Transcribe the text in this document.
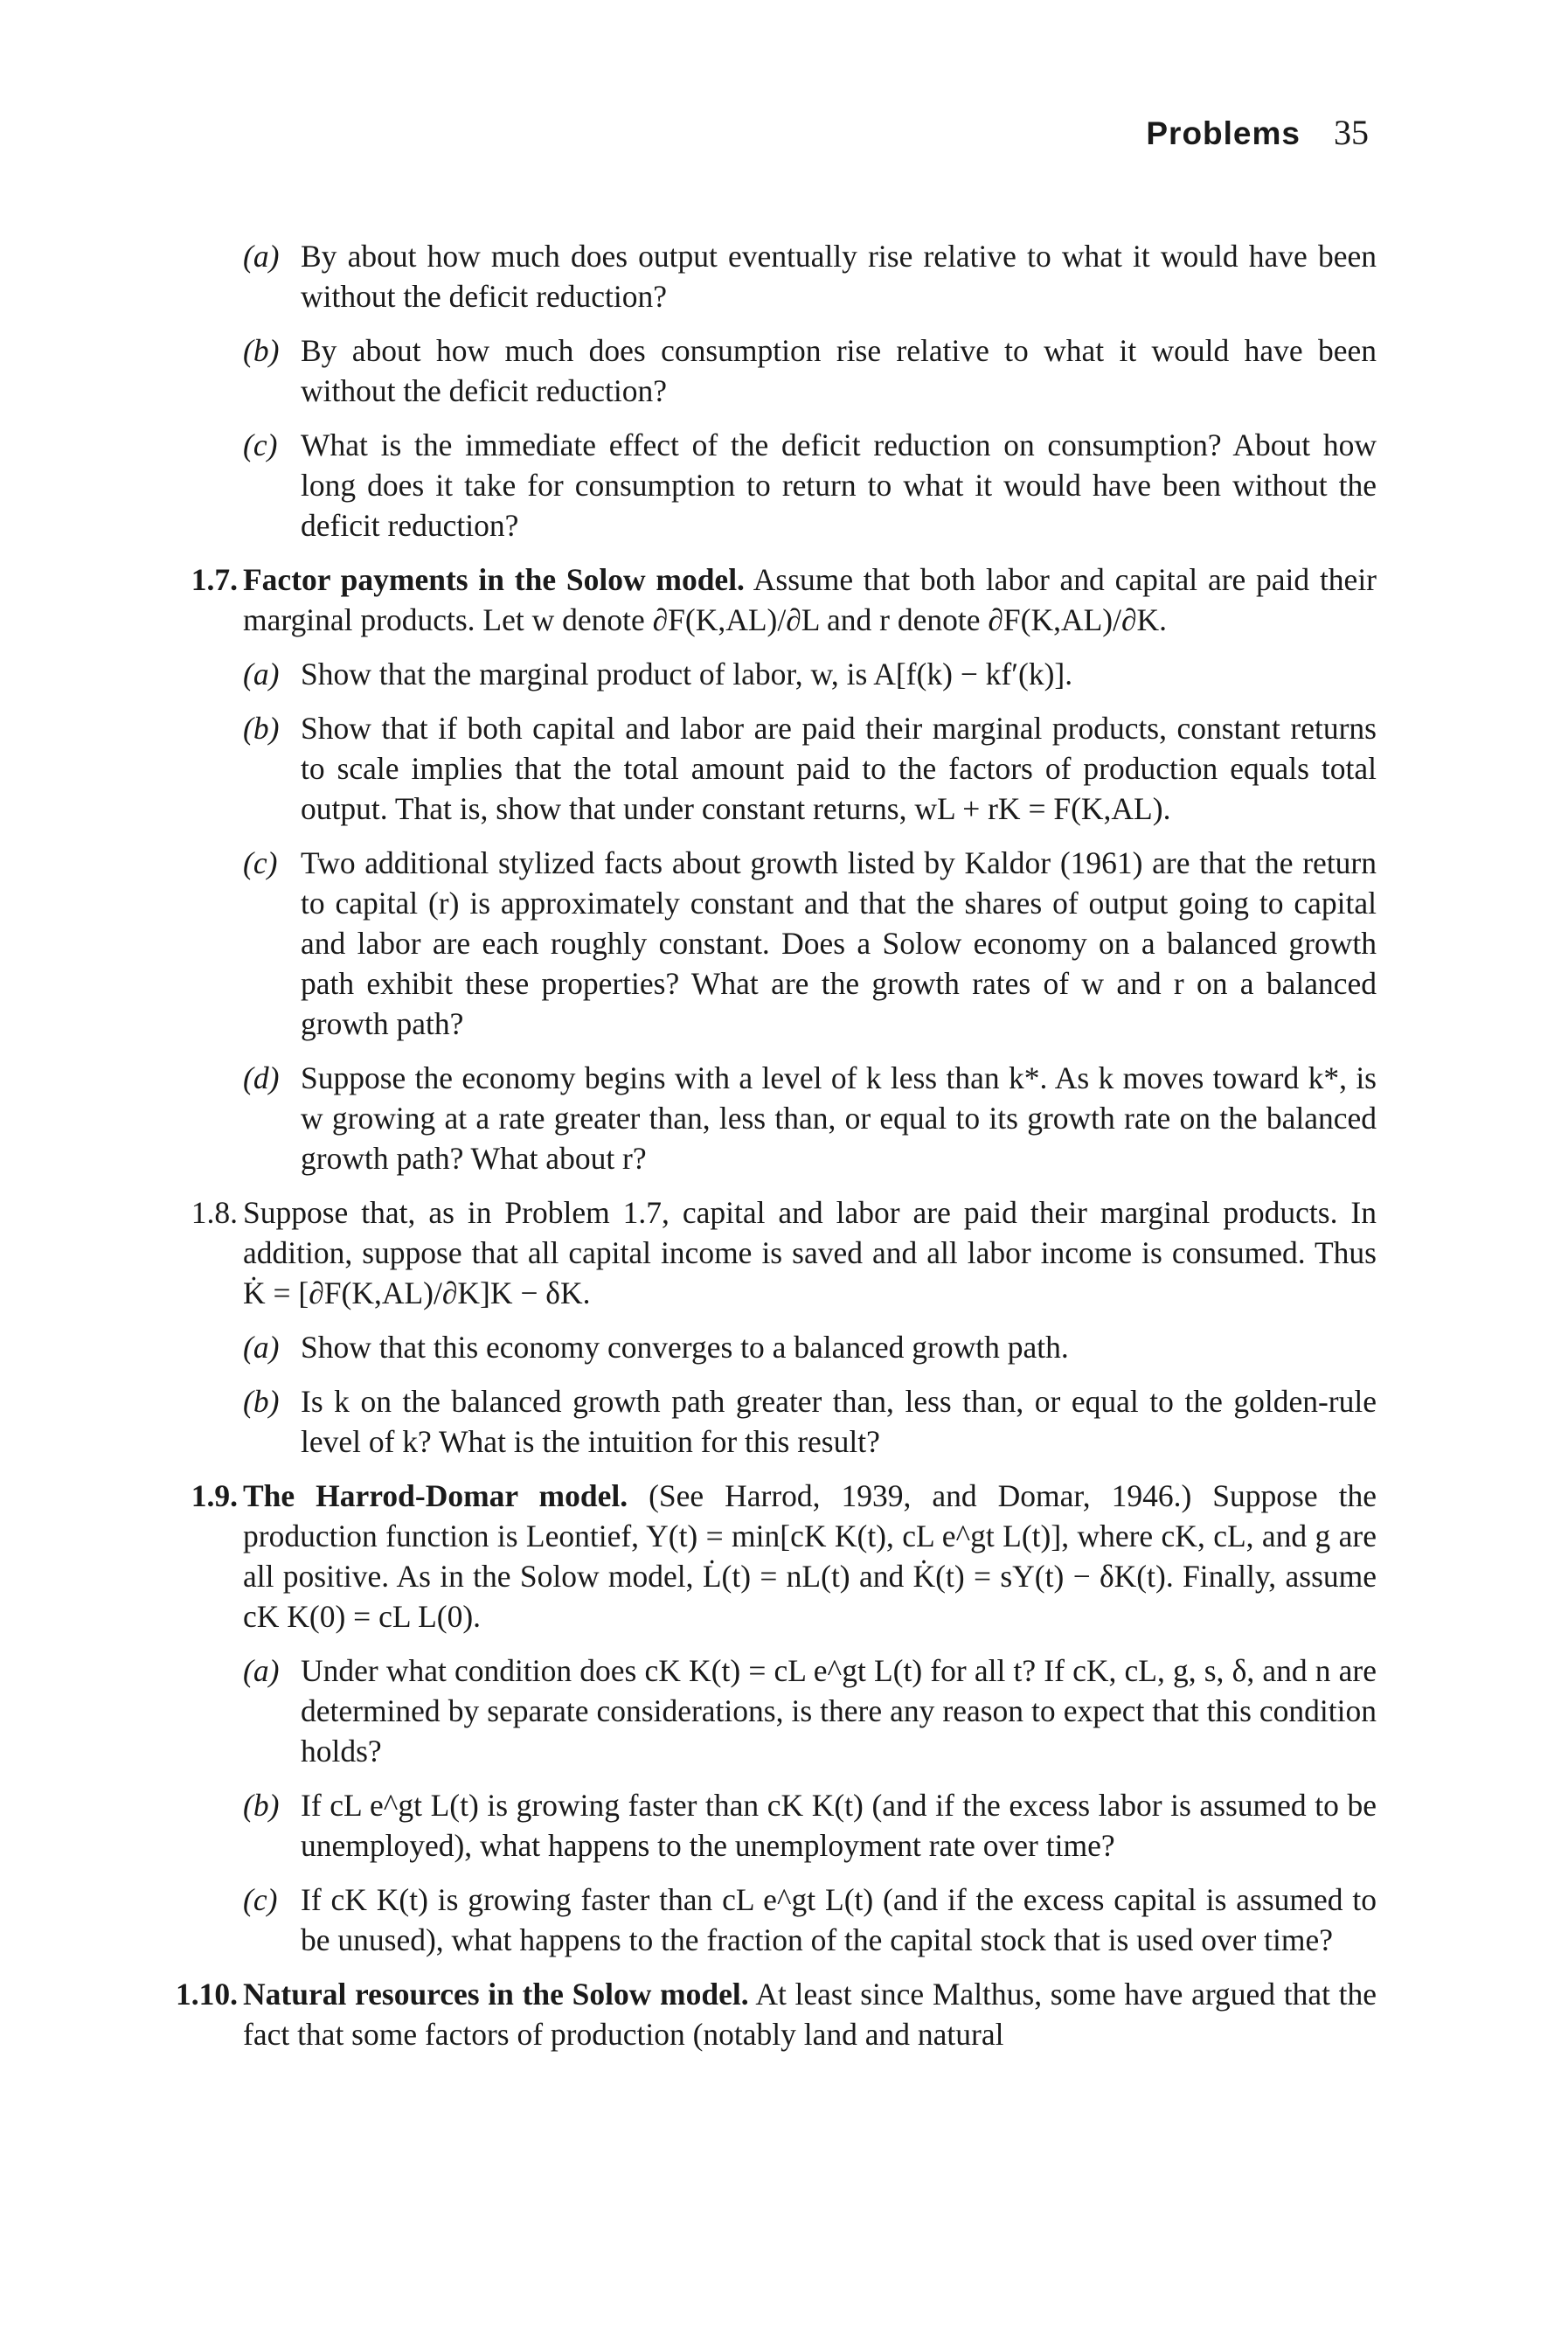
Problems 35
(a) By about how much does output eventually rise relative to what it would have been without the deficit reduction?
(b) By about how much does consumption rise relative to what it would have been without the deficit reduction?
(c) What is the immediate effect of the deficit reduction on consumption? About how long does it take for consumption to return to what it would have been without the deficit reduction?
1.7. Factor payments in the Solow model. Assume that both labor and capital are paid their marginal products. Let w denote ∂F(K,AL)/∂L and r denote ∂F(K,AL)/∂K.
(a) Show that the marginal product of labor, w, is A[f(k) − kf′(k)].
(b) Show that if both capital and labor are paid their marginal products, constant returns to scale implies that the total amount paid to the factors of production equals total output. That is, show that under constant returns, wL + rK = F(K,AL).
(c) Two additional stylized facts about growth listed by Kaldor (1961) are that the return to capital (r) is approximately constant and that the shares of output going to capital and labor are each roughly constant. Does a Solow economy on a balanced growth path exhibit these properties? What are the growth rates of w and r on a balanced growth path?
(d) Suppose the economy begins with a level of k less than k*. As k moves toward k*, is w growing at a rate greater than, less than, or equal to its growth rate on the balanced growth path? What about r?
1.8. Suppose that, as in Problem 1.7, capital and labor are paid their marginal products. In addition, suppose that all capital income is saved and all labor income is consumed. Thus K̇ = [∂F(K,AL)/∂K]K − δK.
(a) Show that this economy converges to a balanced growth path.
(b) Is k on the balanced growth path greater than, less than, or equal to the golden-rule level of k? What is the intuition for this result?
1.9. The Harrod-Domar model. (See Harrod, 1939, and Domar, 1946.) Suppose the production function is Leontief, Y(t) = min[cK K(t), cL e^gt L(t)], where cK, cL, and g are all positive. As in the Solow model, L̇(t) = nL(t) and K̇(t) = sY(t) − δK(t). Finally, assume cK K(0) = cL L(0).
(a) Under what condition does cK K(t) = cL e^gt L(t) for all t? If cK, cL, g, s, δ, and n are determined by separate considerations, is there any reason to expect that this condition holds?
(b) If cL e^gt L(t) is growing faster than cK K(t) (and if the excess labor is assumed to be unemployed), what happens to the unemployment rate over time?
(c) If cK K(t) is growing faster than cL e^gt L(t) (and if the excess capital is assumed to be unused), what happens to the fraction of the capital stock that is used over time?
1.10. Natural resources in the Solow model. At least since Malthus, some have argued that the fact that some factors of production (notably land and natural
